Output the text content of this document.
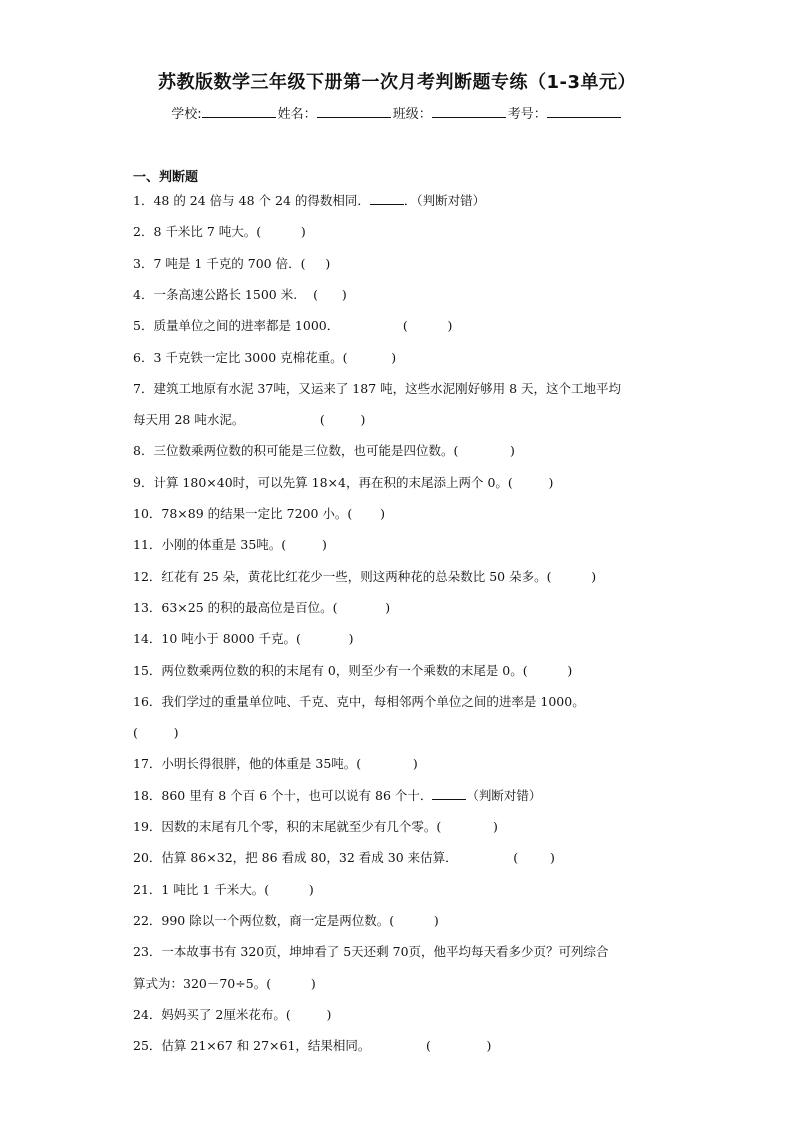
苏教版数学三年级下册第一次月考判断题专练（1-3单元）
学校:	姓名：	班级：	考号：
一、判断题
1．48 的 24 倍与 48 个 24 的得数相同．	．（判断对错）
2．8 千米比 7 吨大。(	)
3．7 吨是 1 千克的 700 倍．( )
4．一条高速公路长 1500 米.    (      )
5．质量单位之间的进率都是 1000．                (          )
6．3 千克铁一定比 3000 克棉花重。(	)
7．建筑工地原有水泥 37吨，又运来了 187 吨，这些水泥刚好够用 8 天，这个工地平均
每天用 28 吨水泥。                   (         )
8．三位数乘两位数的积可能是三位数，也可能是四位数。(	)
9．计算 180×40时，可以先算 18×4，再在积的末尾添上两个 0。(	)
10．78×89 的结果一定比 7200 小。( )
11．小刚的体重是 35吨。(	)
12．红花有 25 朵，黄花比红花少一些，则这两种花的总朵数比 50 朵多。(	)
13．63×25 的积的最高位是百位。(	)
14．10 吨小于 8000 千克。(	)
15．两位数乘两位数的积的末尾有 0，则至少有一个乘数的末尾是 0。(	)
16．我们学过的重量单位吨、千克、克中，每相邻两个单位之间的进率是 1000。
(	)
17．小明长得很胖，他的体重是 35吨。(	)
18．860 里有 8 个百 6 个十，也可以说有 86 个十．	（判断对错）
19．因数的末尾有几个零，积的末尾就至少有几个零。(	)
20．估算 86×32，把 86 看成 80，32 看成 30 来估算．              (        )
21．1 吨比 1 千米大。(	)
22．990 除以一个两位数，商一定是两位数。(	)
23．一本故事书有 320页，坤坤看了 5天还剩 70页，他平均每天看多少页？可列综合
算式为：320－70÷5。(	)
24．妈妈买了 2厘米花布。(	)
25．估算 21×67 和 27×61，结果相同。              (              )
